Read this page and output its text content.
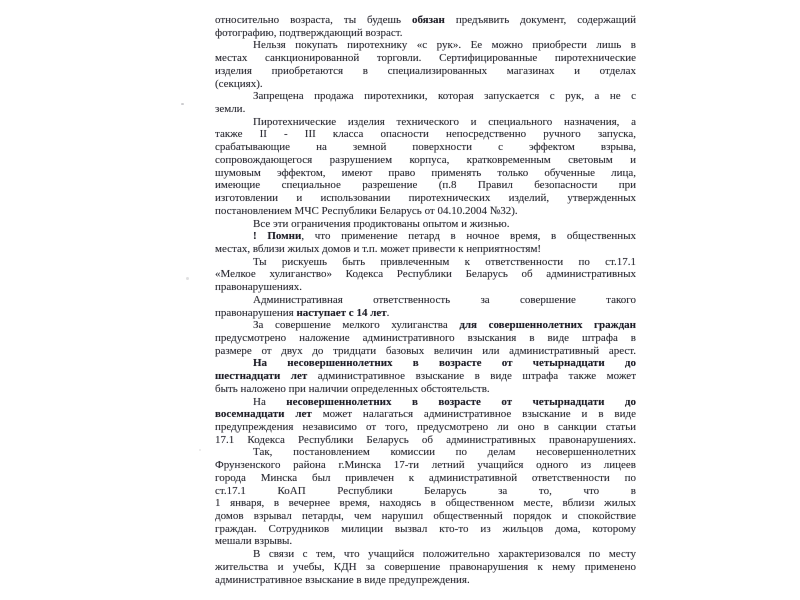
относительно возраста, ты будешь обязан предъявить документ, содержащий
фотографию, подтверждающий возраст.
Нельзя покупать пиротехнику «с рук». Ее можно приобрести лишь в
местах санкционированной торговли. Сертифицированные пиротехнические
изделия приобретаются в специализированных магазинах и отделах
(секциях).
Запрещена продажа пиротехники, которая запускается с рук, а не с
земли.
Пиротехнические изделия технического и специального назначения, а
также II - III класса опасности непосредственно ручного запуска,
срабатывающие на земной поверхности с эффектом взрыва,
сопровождающегося разрушением корпуса, кратковременным световым и
шумовым эффектом, имеют право применять только обученные лица,
имеющие специальное разрешение (п.8 Правил безопасности при
изготовлении и использовании пиротехнических изделий, утвержденных
постановлением МЧС Республики Беларусь от 04.10.2004 №32).
Все эти ограничения продиктованы опытом и жизнью.
! Помни, что применение петард в ночное время, в общественных
местах, вблизи жилых домов и т.п. может привести к неприятностям!
Ты рискуешь быть привлеченным к ответственности по ст.17.1
«Мелкое хулиганство» Кодекса Республики Беларусь об административных
правонарушениях.
Административная ответственность за совершение такого
правонарушения наступает с 14 лет.
За совершение мелкого хулиганства для совершеннолетних граждан
предусмотрено наложение административного взыскания в виде штрафа в
размере от двух до тридцати базовых величин или административный арест.
На несовершеннолетних в возрасте от четырнадцати до
шестнадцати лет административное взыскание в виде штрафа также может
быть наложено при наличии определенных обстоятельств.
На несовершеннолетних в возрасте от четырнадцати до
восемнадцати лет может налагаться административное взыскание и в виде
предупреждения независимо от того, предусмотрено ли оно в санкции статьи
17.1 Кодекса Республики Беларусь об административных правонарушениях.
Так, постановлением комиссии по делам несовершеннолетних
Фрунзенского района г.Минска 17-ти летний учащийся одного из лицеев
города Минска был привлечен к административной ответственности по
ст.17.1 КоАП Республики Беларусь за то, что в
1 января, в вечернее время, находясь в общественном месте, вблизи жилых
домов взрывал петарды, чем нарушил общественный порядок и спокойствие
граждан. Сотрудников милиции вызвал кто-то из жильцов дома, которому
мешали взрывы.
В связи с тем, что учащийся положительно характеризовался по месту
жительства и учебы, КДН за совершение правонарушения к нему применено
административное взыскание в виде предупреждения.
